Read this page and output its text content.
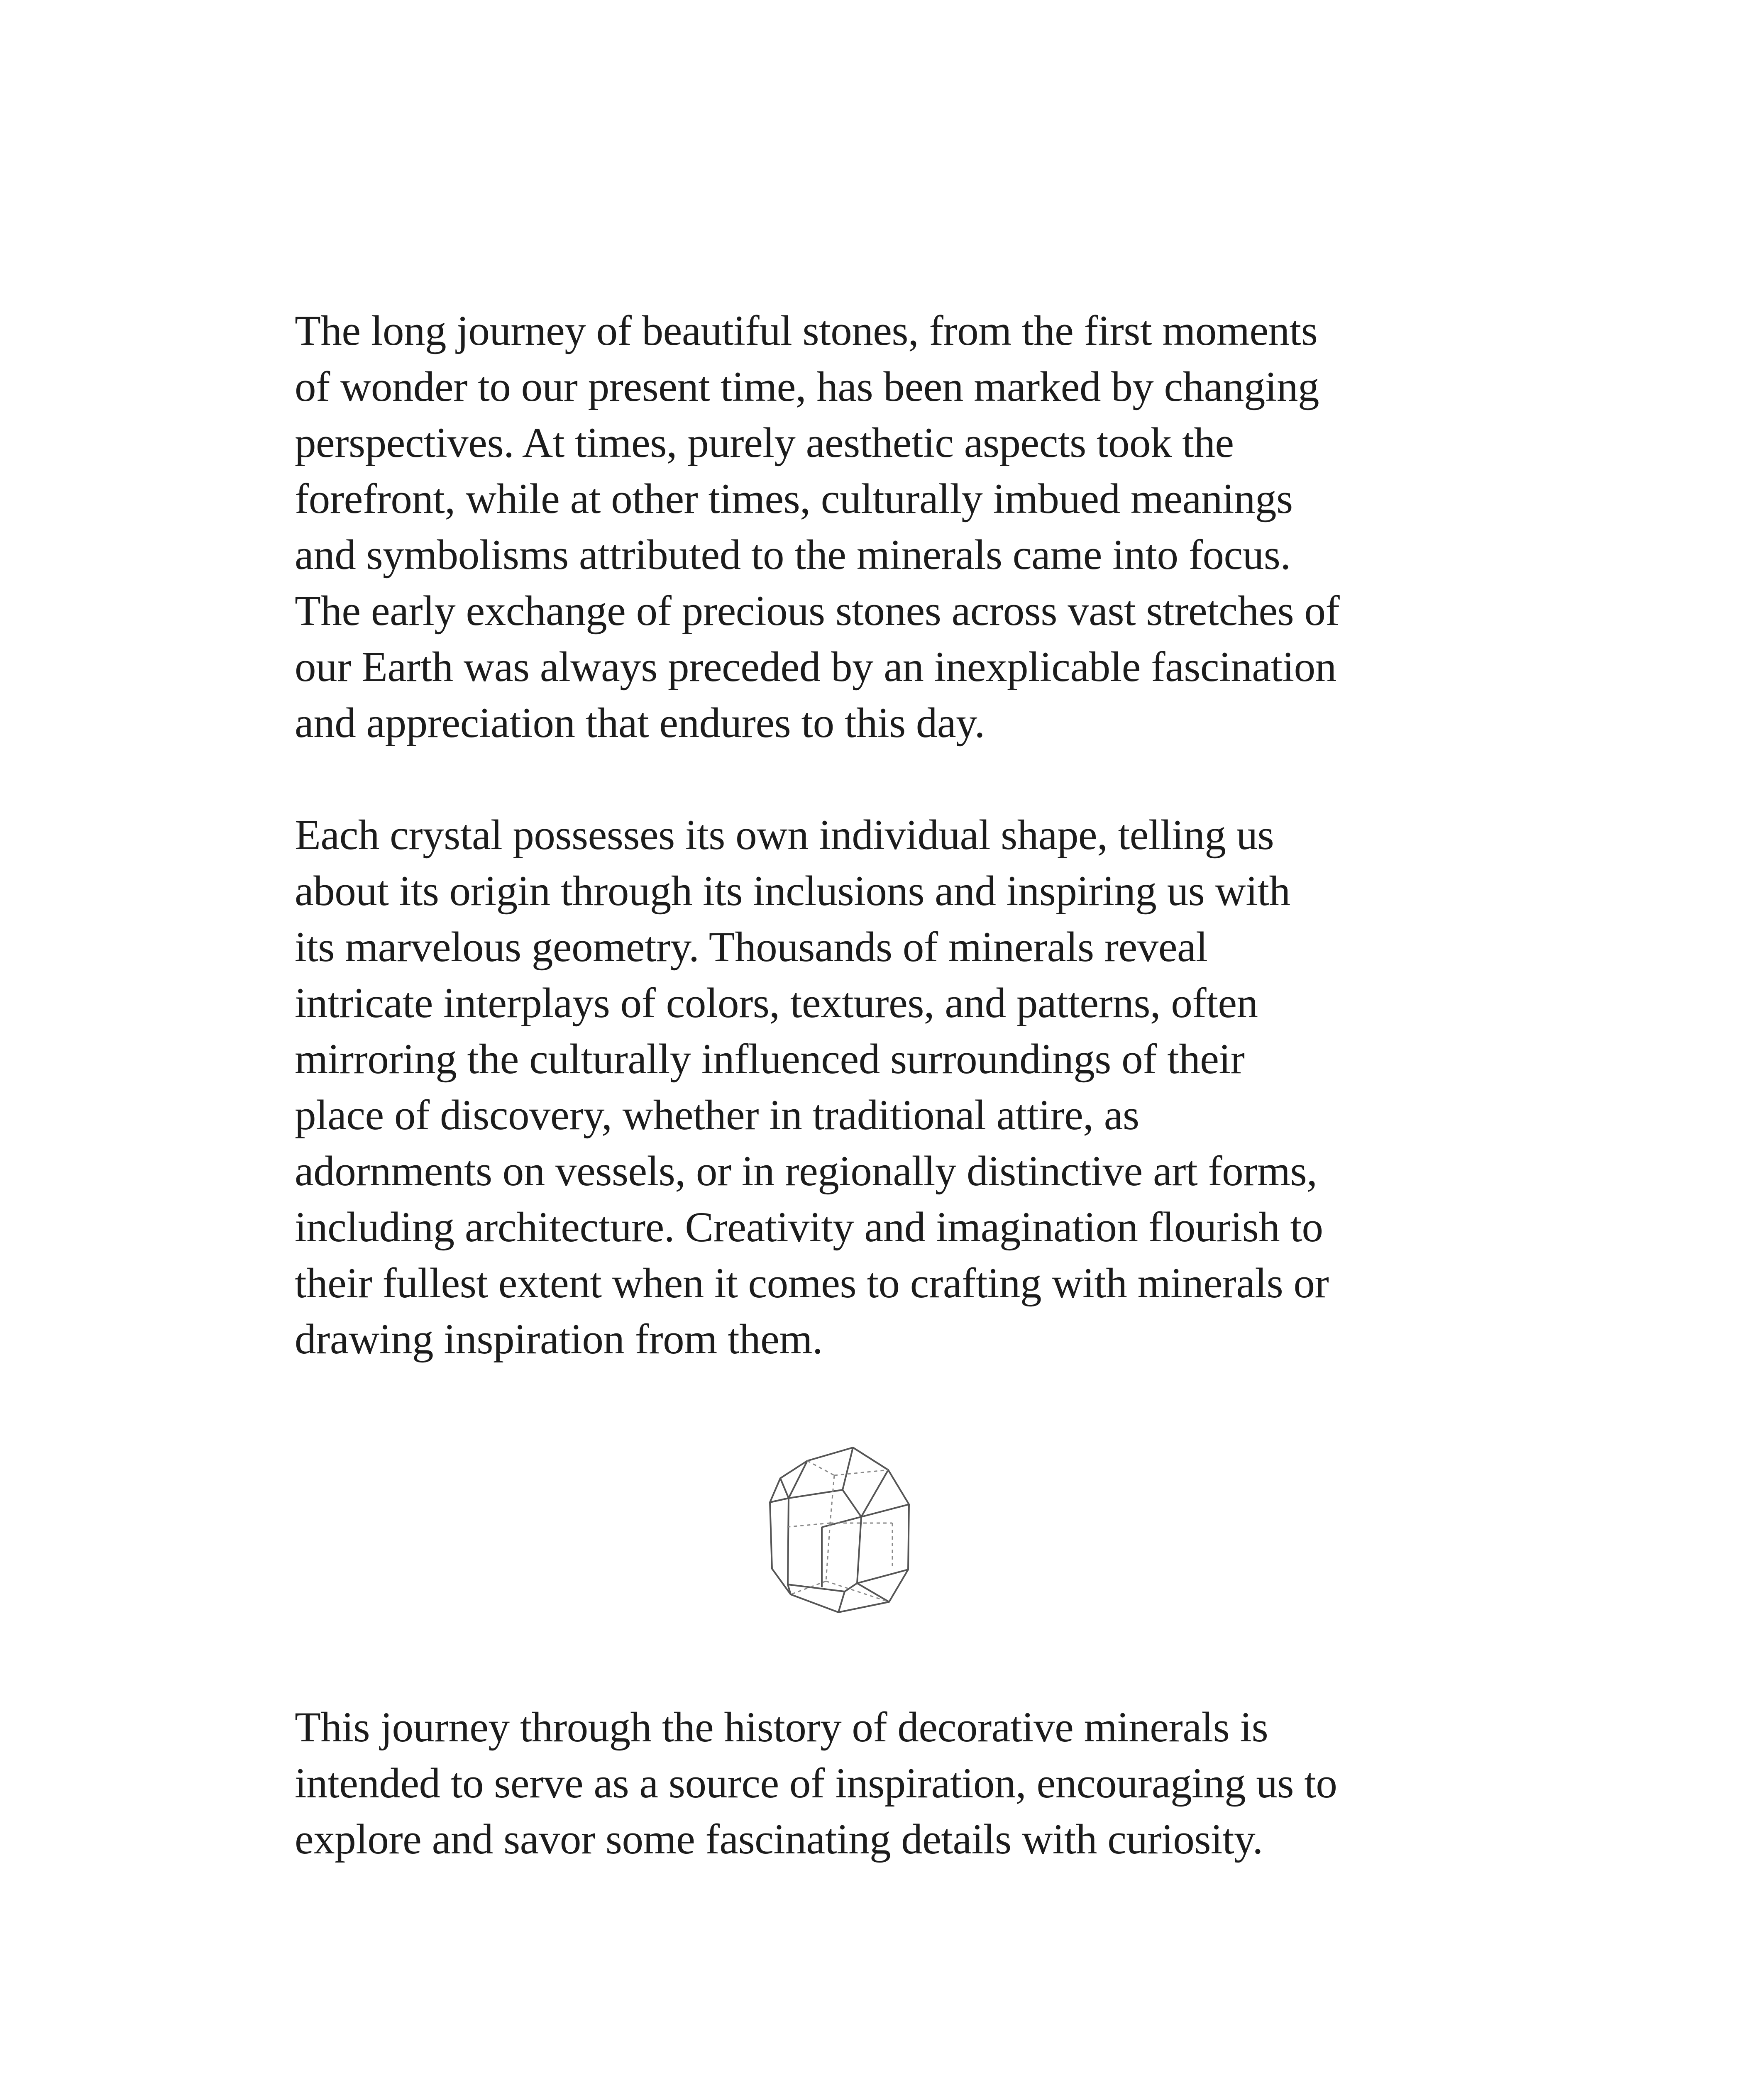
The long journey of beautiful stones, from the first moments
of wonder to our present time, has been marked by changing
perspectives. At times, purely aesthetic aspects took the
forefront, while at other times, culturally imbued meanings
and symbolisms attributed to the minerals came into focus.
The early exchange of precious stones across vast stretches of
our Earth was always preceded by an inexplicable fascination
and appreciation that endures to this day.
Each crystal possesses its own individual shape, telling us
about its origin through its inclusions and inspiring us with
its marvelous geometry. Thousands of minerals reveal
intricate interplays of colors, textures, and patterns, often
mirroring the culturally influenced surroundings of their
place of discovery, whether in traditional attire, as
adornments on vessels, or in regionally distinctive art forms,
including architecture. Creativity and imagination flourish to
their fullest extent when it comes to crafting with minerals or
drawing inspiration from them.
This journey through the history of decorative minerals is
intended to serve as a source of inspiration, encouraging us to
explore and savor some fascinating details with curiosity.
